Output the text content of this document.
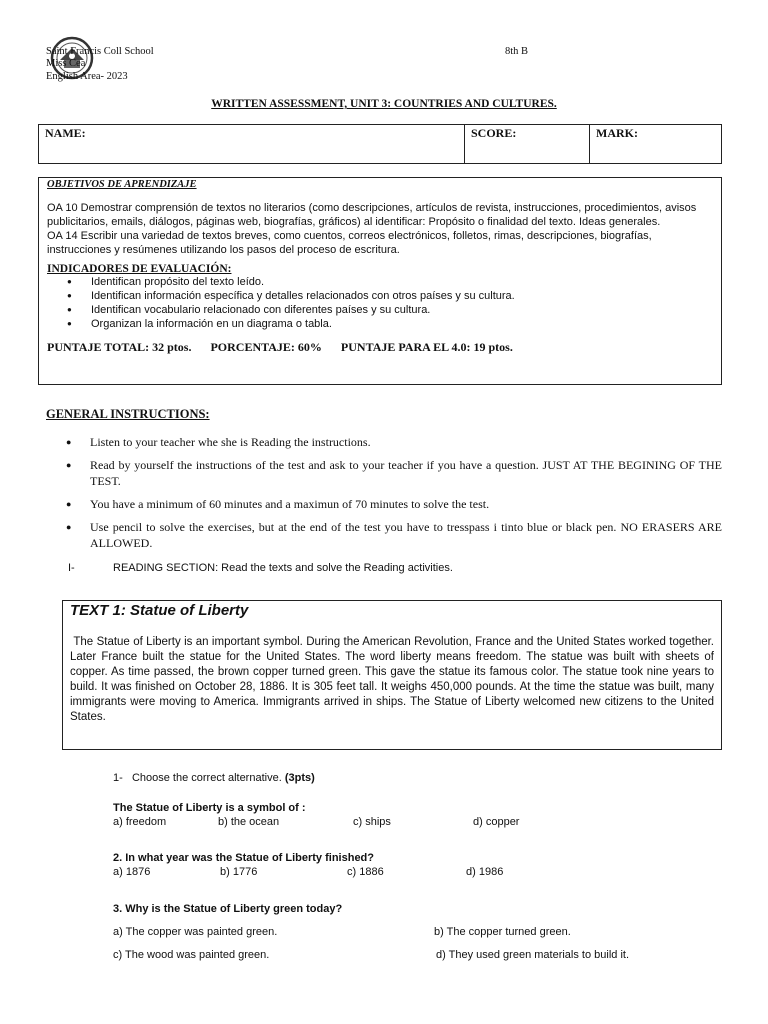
Saint Francis Coll School
Miss Cea
English Area- 2023
8th B
WRITTEN ASSESSMENT, UNIT 3: COUNTRIES AND CULTURES.
NAME:	SCORE:	MARK:
OBJETIVOS DE APRENDIZAJE
OA 10 Demostrar comprensión de textos no literarios (como descripciones, artículos de revista, instrucciones, procedimientos, avisos publicitarios, emails, diálogos, páginas web, biografías, gráficos) al identificar: Propósito o finalidad del texto. Ideas generales.
OA 14 Escribir una variedad de textos breves, como cuentos, correos electrónicos, folletos, rimas, descripciones, biografías, instrucciones y resúmenes utilizando los pasos del proceso de escritura.
INDICADORES DE EVALUACIÓN:
● Identifican propósito del texto leído.
● Identifican información específica y detalles relacionados con otros países y su cultura.
● Identifican vocabulario relacionado con diferentes países y su cultura.
● Organizan la información en un diagrama o tabla.
PUNTAJE TOTAL: 32 ptos. PORCENTAJE: 60% PUNTAJE PARA EL 4.0: 19 ptos.
GENERAL INSTRUCTIONS:
● Listen to your teacher whe she is Reading the instructions.
● Read by yourself the instructions of the test and ask to your teacher if you have a question. JUST AT THE BEGINING OF THE TEST.
● You have a minimum of 60 minutes and a maximun of 70 minutes to solve the test.
● Use pencil to solve the exercises, but at the end of the test you have to tresspass i tinto blue or black pen. NO ERASERS ARE ALLOWED.
I-	READING SECTION: Read the texts and solve the Reading activities.
TEXT 1: Statue of Liberty
The Statue of Liberty is an important symbol. During the American Revolution, France and the United States worked together. Later France built the statue for the United States. The word liberty means freedom. The statue was built with sheets of copper. As time passed, the brown copper turned green. This gave the statue its famous color. The statue took nine years to build. It was finished on October 28, 1886. It is 305 feet tall. It weighs 450,000 pounds. At the time the statue was built, many immigrants were moving to America. Immigrants arrived in ships. The Statue of Liberty welcomed new citizens to the United States.
1- Choose the correct alternative. (3pts)
The Statue of Liberty is a symbol of :
a) freedom	b) the ocean	c) ships	d) copper
2. In what year was the Statue of Liberty finished?
a) 1876	b) 1776	c) 1886	d) 1986
3. Why is the Statue of Liberty green today?
a) The copper was painted green.	b) The copper turned green.
c) The wood was painted green.	d) They used green materials to build it.
